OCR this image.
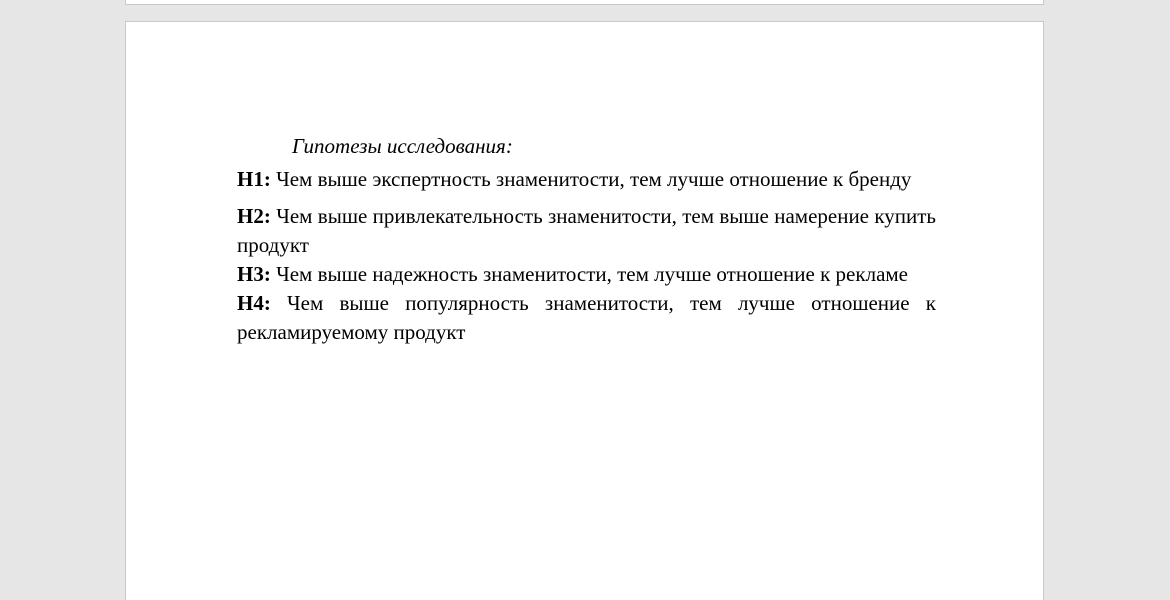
Гипотезы исследования:

H1: Чем выше экспертность знаменитости, тем лучше отношение к бренду

H2: Чем выше привлекательность знаменитости, тем выше намерение купить продукт

H3: Чем выше надежность знаменитости, тем лучше отношение к рекламе

H4: Чем выше популярность знаменитости, тем лучше отношение к рекламируемому продукт
